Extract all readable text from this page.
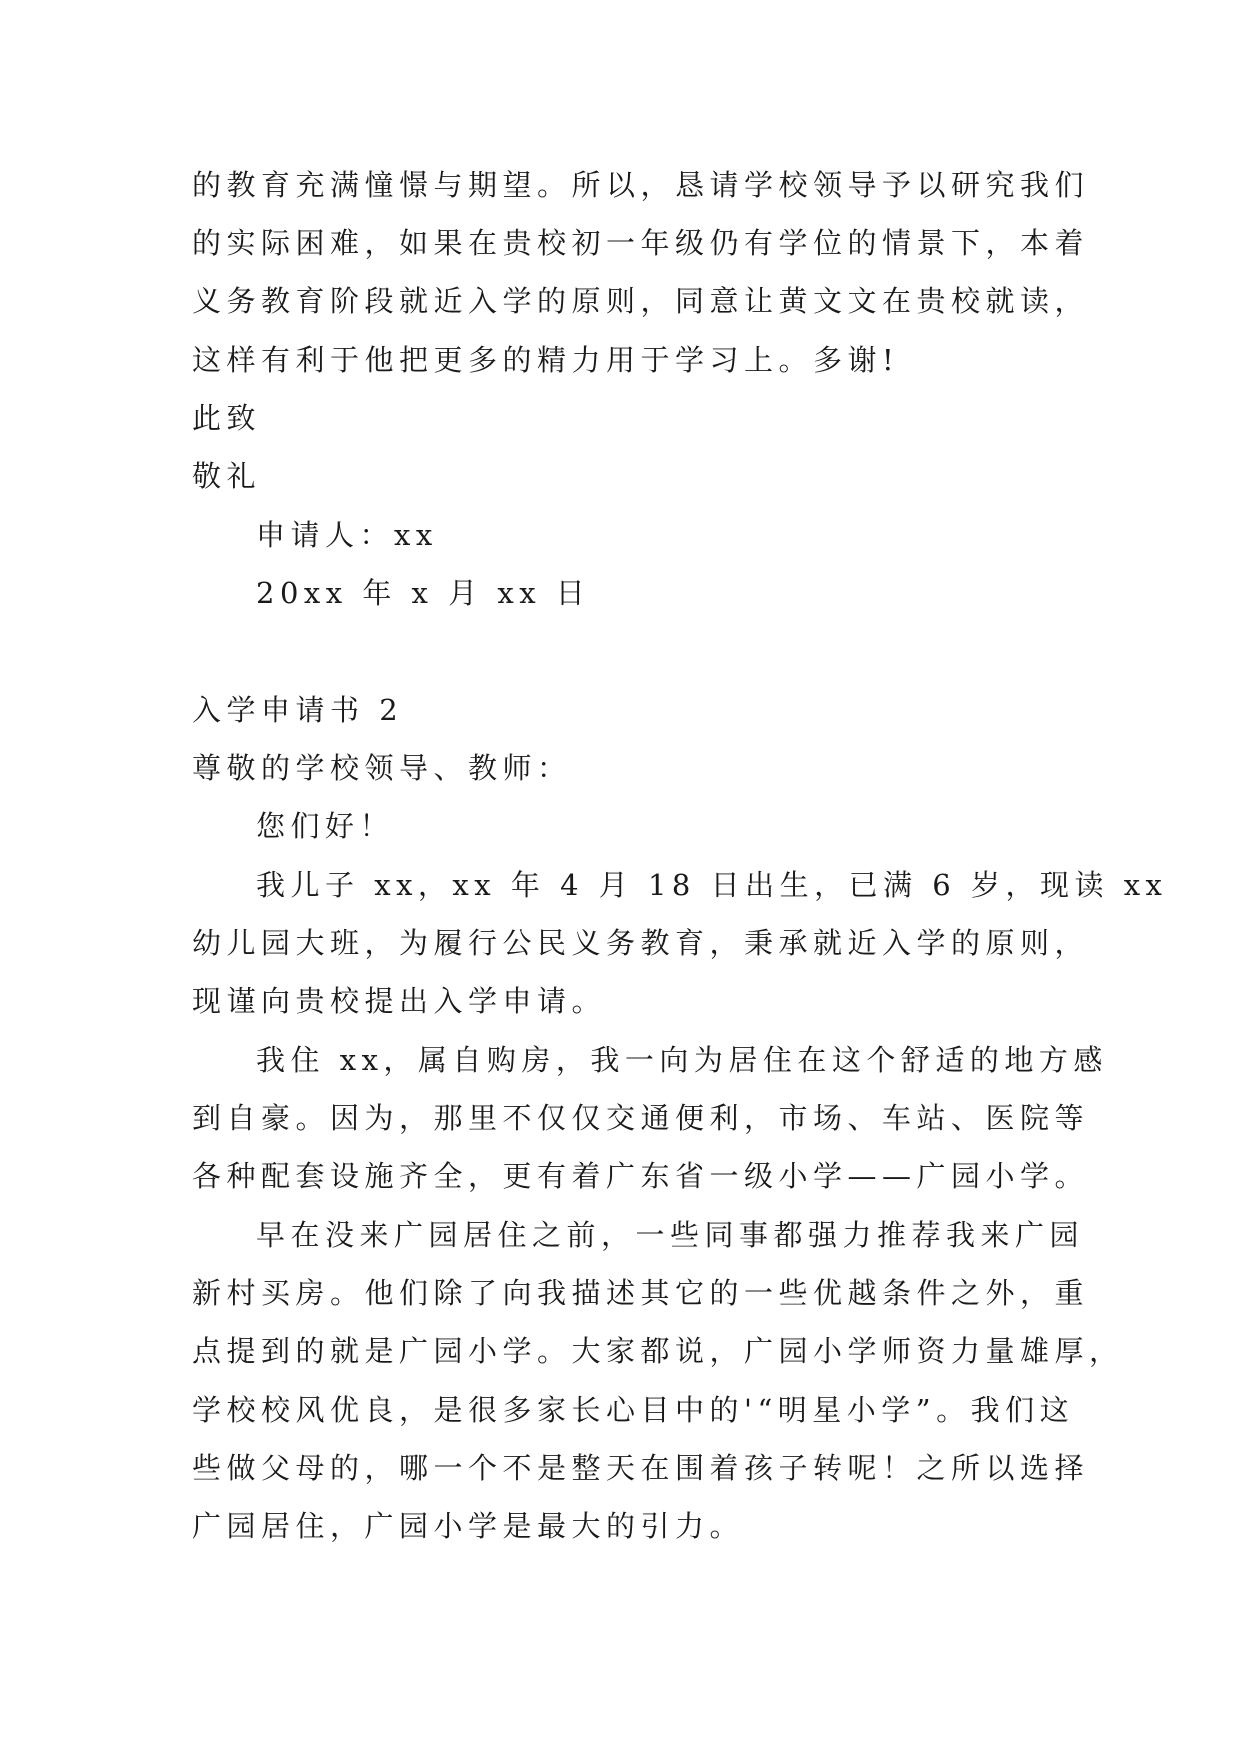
的教育充满憧憬与期望。所以，恳请学校领导予以研究我们
的实际困难，如果在贵校初一年级仍有学位的情景下，本着
义务教育阶段就近入学的原则，同意让黄文文在贵校就读，
这样有利于他把更多的精力用于学习上。多谢!
此致
敬礼
申请人：xx
20xx 年 x 月 xx 日
入学申请书 2
尊敬的学校领导、教师：
您们好！
我儿子 xx，xx 年 4 月 18 日出生，已满 6 岁，现读 xx
幼儿园大班，为履行公民义务教育，秉承就近入学的原则，
现谨向贵校提出入学申请。
我住 xx，属自购房，我一向为居住在这个舒适的地方感
到自豪。因为，那里不仅仅交通便利，市场、车站、医院等
各种配套设施齐全，更有着广东省一级小学——广园小学。
早在没来广园居住之前，一些同事都强力推荐我来广园
新村买房。他们除了向我描述其它的一些优越条件之外，重
点提到的就是广园小学。大家都说，广园小学师资力量雄厚，
学校校风优良，是很多家长心目中的'“明星小学”。我们这
些做父母的，哪一个不是整天在围着孩子转呢！之所以选择
广园居住，广园小学是最大的引力。
